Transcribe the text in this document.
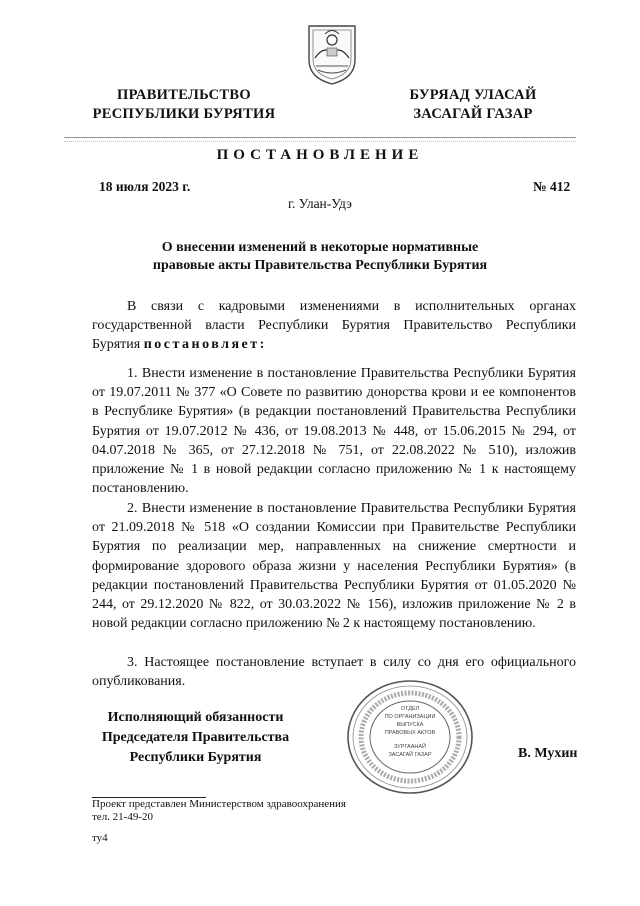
ПРАВИТЕЛЬСТВО
РЕСПУБЛИКИ БУРЯТИЯ
БУРЯАД УЛАСАЙ
ЗАСАГАЙ ГАЗАР
ПОСТАНОВЛЕНИЕ
18 июля 2023 г.	№ 412
г. Улан-Удэ
О внесении изменений в некоторые нормативные
правовые акты Правительства Республики Бурятия

В связи с кадровыми изменениями в исполнительных органах государственной власти Республики Бурятия Правительство Республики Бурятия постановляет:

1. Внести изменение в постановление Правительства Республики Бурятия от 19.07.2011 № 377 «О Совете по развитию донорства крови и ее компонентов в Республике Бурятия» (в редакции постановлений Правительства Республики Бурятия от 19.07.2012 № 436, от 19.08.2013 № 448, от 15.06.2015 № 294, от 04.07.2018 № 365, от 27.12.2018 № 751, от 22.08.2022 № 510), изложив приложение № 1 в новой редакции согласно приложению № 1 к настоящему постановлению.

2. Внести изменение в постановление Правительства Республики Бурятия от 21.09.2018 № 518 «О создании Комиссии при Правительстве Республики Бурятия по реализации мер, направленных на снижение смертности и формирование здорового образа жизни у населения Республики Бурятия» (в редакции постановлений Правительства Республики Бурятия от 01.05.2020 № 244, от 29.12.2020 № 822, от 30.03.2022 № 156), изложив приложение № 2 в новой редакции согласно приложению № 2 к настоящему постановлению.

3. Настоящее постановление вступает в силу со дня его официального опубликования.

ОТДЕЛ
ПО ОРГАНИЗАЦИИ
ВЫПУСКА
ПРАВОВЫХ АКТОВ
ЗУРГААНАЙ
ЗАСАГАЙ ГАЗАР
Исполняющий обязанности
Председателя Правительства
Республики Бурятия	В. Мухин
Проект представлен Министерством здравоохранения
тел. 21-49-20
ту4
